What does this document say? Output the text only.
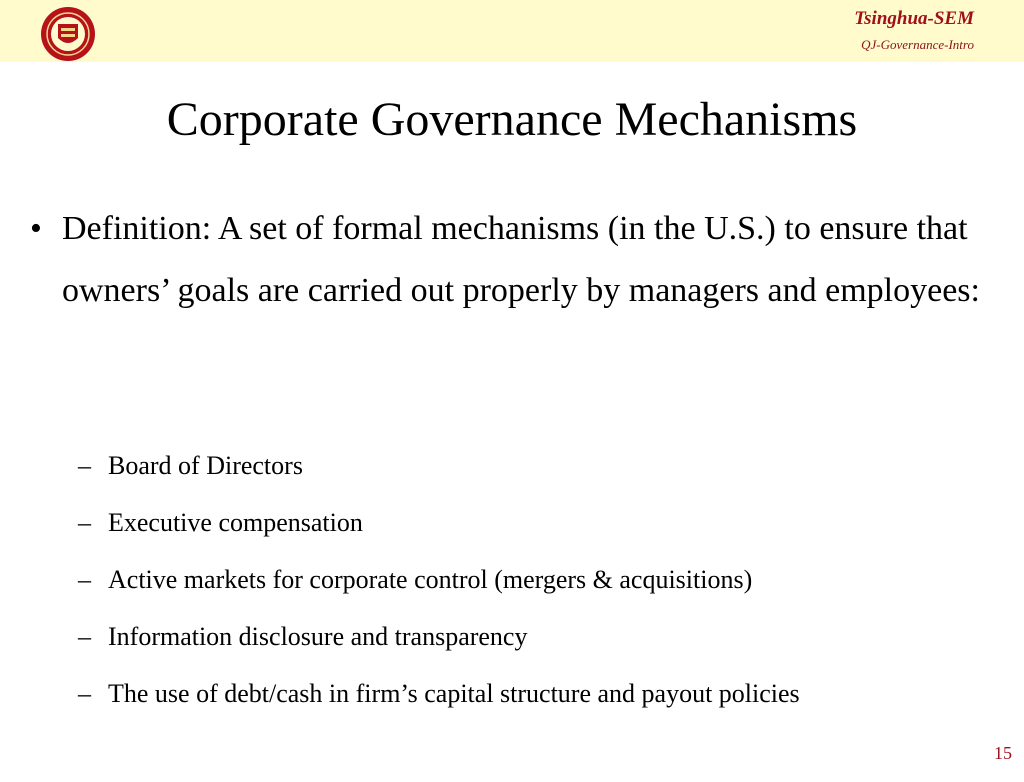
Tsinghua-SEM
QJ-Governance-Intro
Corporate Governance Mechanisms
• Definition: A set of formal mechanisms (in the U.S.) to ensure that owners’ goals are carried out properly by managers and employees:
– Board of Directors
– Executive compensation
– Active markets for corporate control (mergers & acquisitions)
– Information disclosure and transparency
– The use of debt/cash in firm’s capital structure and payout policies
15
